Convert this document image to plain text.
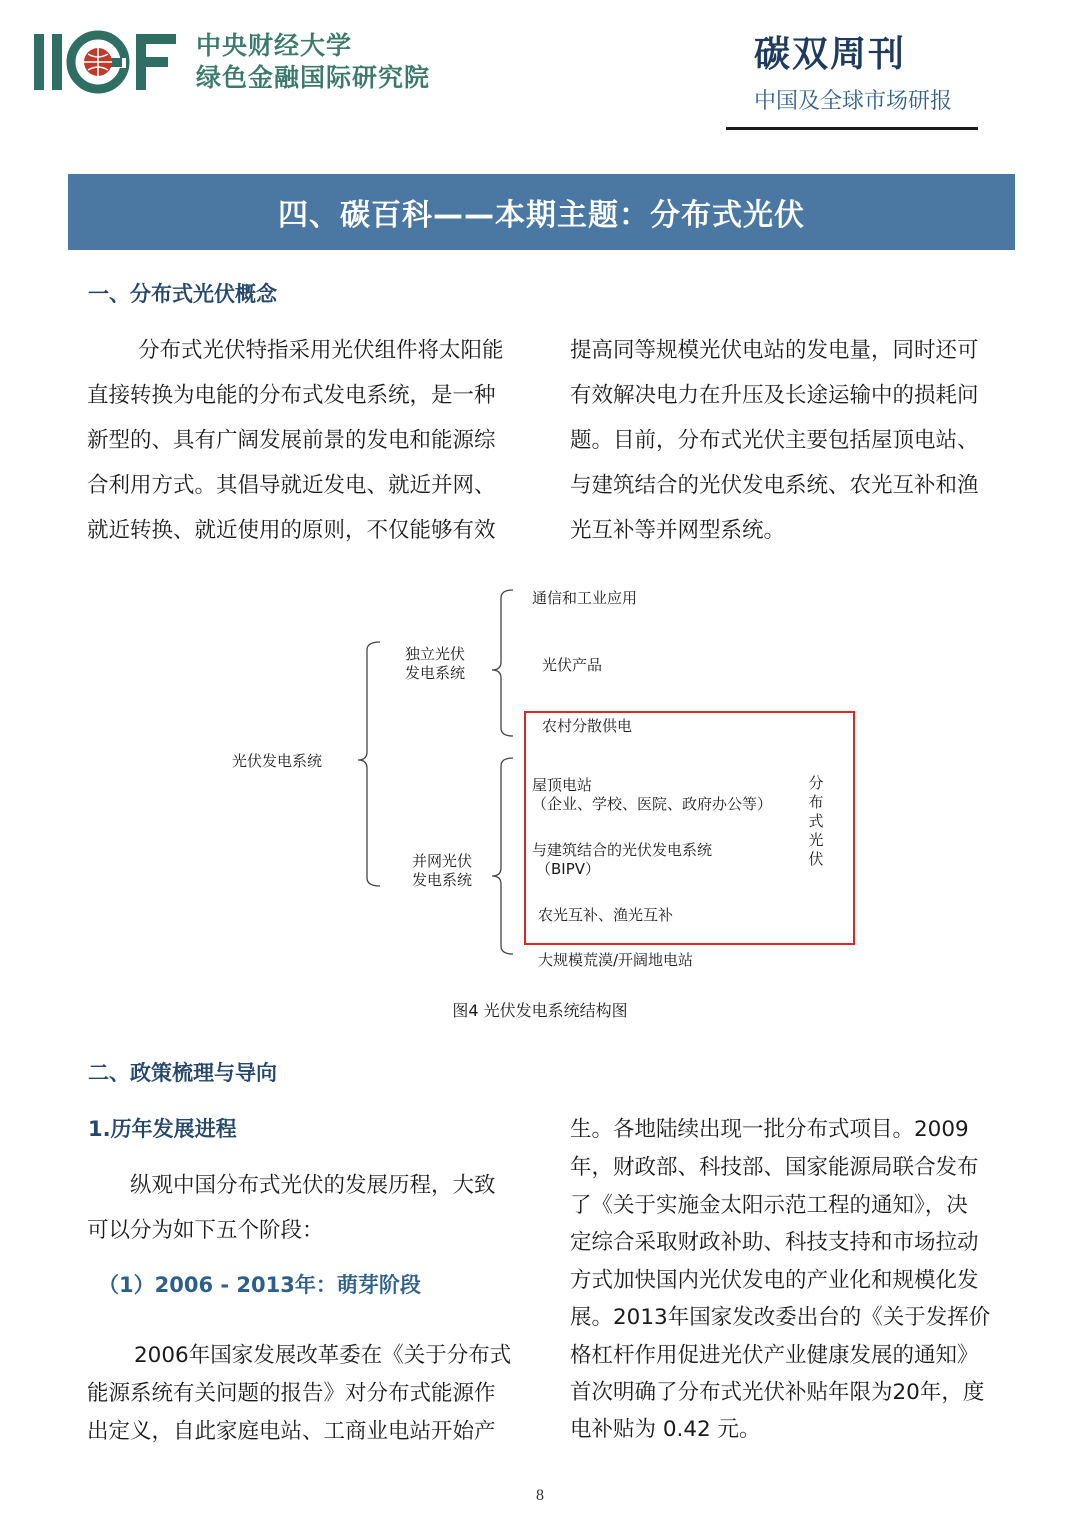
中央财经大学
绿色金融国际研究院
碳双周刊
中国及全球市场研报
四、碳百科——本期主题：分布式光伏
一、分布式光伏概念
分布式光伏特指采用光伏组件将太阳能
直接转换为电能的分布式发电系统，是一种
新型的、具有广阔发展前景的发电和能源综
合利用方式。其倡导就近发电、就近并网、
就近转换、就近使用的原则，不仅能够有效
提高同等规模光伏电站的发电量，同时还可
有效解决电力在升压及长途运输中的损耗问
题。目前，分布式光伏主要包括屋顶电站、
与建筑结合的光伏发电系统、农光互补和渔
光互补等并网型系统。
光伏发电系统
独立光伏
发电系统
并网光伏
发电系统
通信和工业应用
光伏产品
农村分散供电
屋顶电站
（企业、学校、医院、政府办公等）
与建筑结合的光伏发电系统
（BIPV）
农光互补、渔光互补
大规模荒漠/开阔地电站
分
布
式
光
伏
图4 光伏发电系统结构图
二、政策梳理与导向
1.历年发展进程
纵观中国分布式光伏的发展历程，大致
可以分为如下五个阶段：
（1）2006 - 2013年：萌芽阶段
2006年国家发展改革委在《关于分布式
能源系统有关问题的报告》对分布式能源作
出定义，自此家庭电站、工商业电站开始产
生。各地陆续出现一批分布式项目。2009
年，财政部、科技部、国家能源局联合发布
了《关于实施金太阳示范工程的通知》，决
定综合采取财政补助、科技支持和市场拉动
方式加快国内光伏发电的产业化和规模化发
展。2013年国家发改委出台的《关于发挥价
格杠杆作用促进光伏产业健康发展的通知》
首次明确了分布式光伏补贴年限为20年，度
电补贴为 0.42 元。
8
